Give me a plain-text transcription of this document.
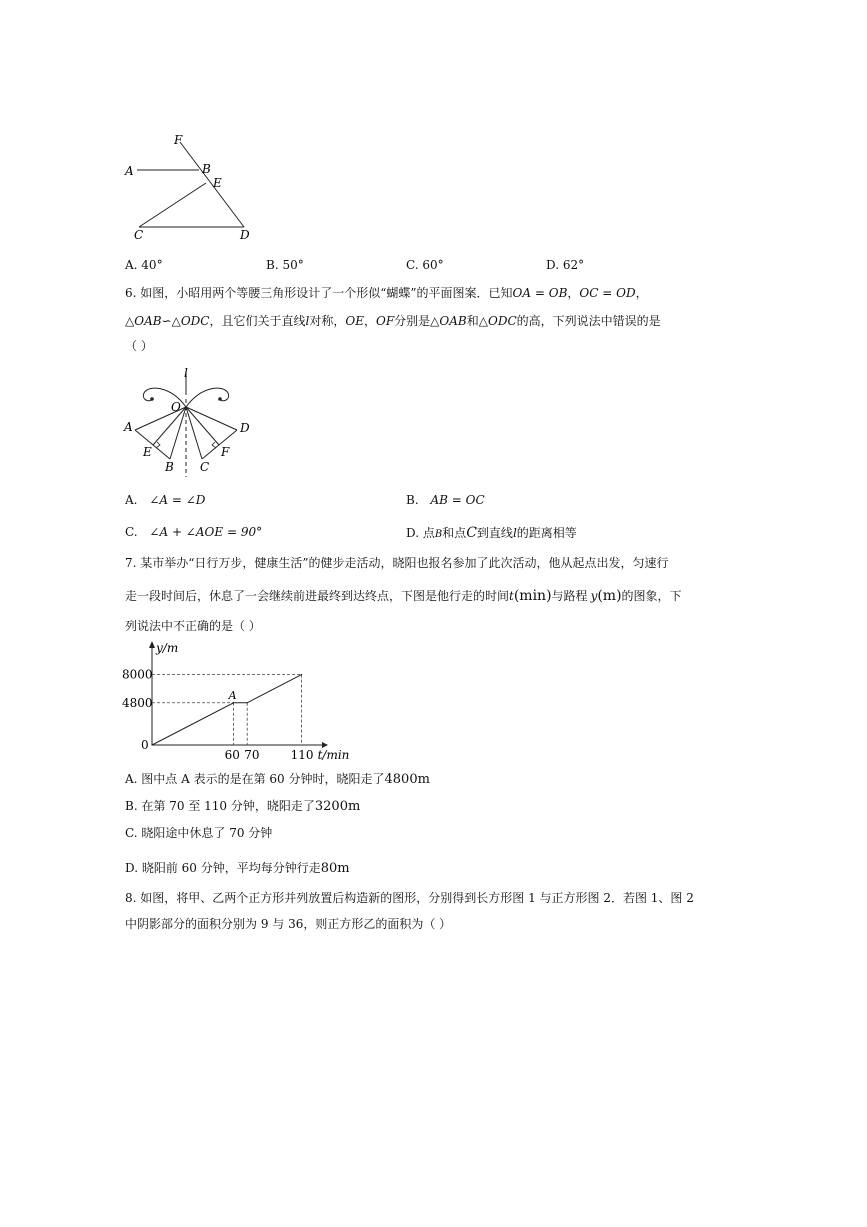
F
A	B
E
C	D
A. 40°	B. 50°	C. 60°	D. 62°
6. 如图，小昭用两个等腰三角形设计了一个形似“蝴蝶”的平面图案．已知OA = OB，OC = OD，
△OAB∽△ODC，且它们关于直线l对称，OE，OF分别是△OAB和△ODC的高，下列说法中错误的是
（ ）
l
O
A	D
E	F
B C
A. ∠A = ∠D	B. AB = OC
C. ∠A + ∠AOE = 90°	D. 点B和点C到直线l的距离相等
7. 某市举办“日行万步，健康生活”的健步走活动，晓阳也报名参加了此次活动，他从起点出发，匀速行
走一段时间后，休息了一会继续前进最终到达终点，下图是他行走的时间t(min)与路程 y(m)的图象，下
列说法中不正确的是（ ）
A
8000
4800
0
60 70	110 t/min
y/m
A. 图中点 A 表示的是在第 60 分钟时，晓阳走了4800m
B. 在第 70 至 110 分钟，晓阳走了3200m
C. 晓阳途中休息了 70 分钟
D. 晓阳前 60 分钟，平均每分钟行走80m
8. 如图，将甲、乙两个正方形并列放置后构造新的图形，分别得到长方形图 1 与正方形图 2．若图 1、图 2
中阴影部分的面积分别为 9 与 36，则正方形乙的面积为（ ）
